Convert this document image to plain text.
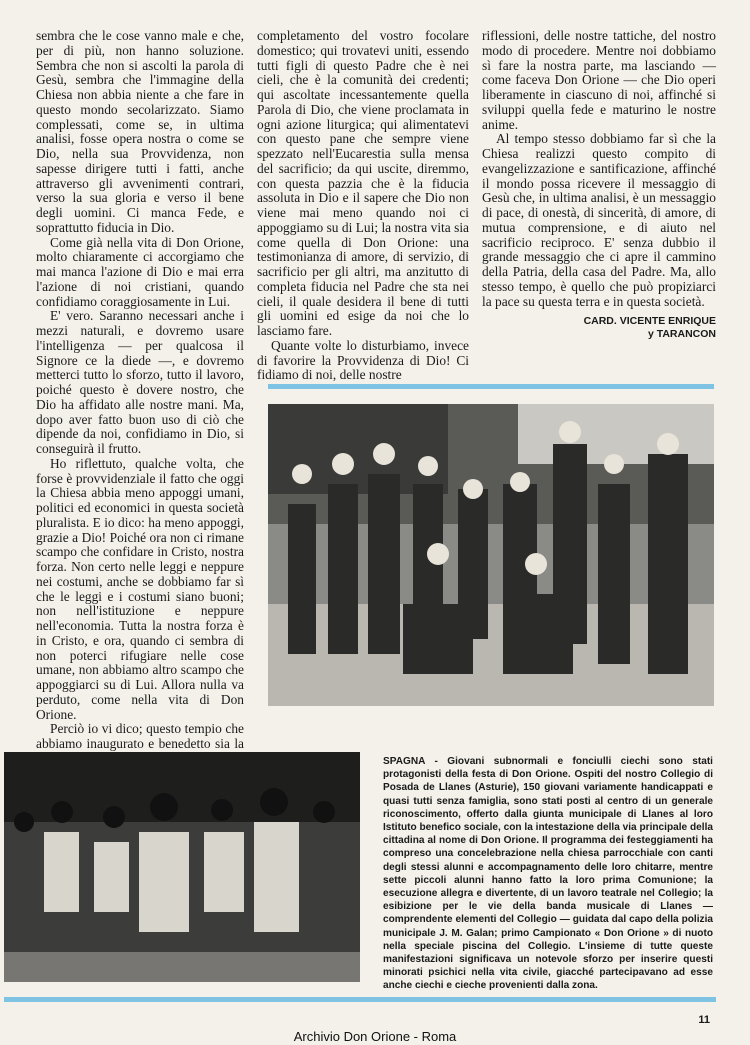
sembra che le cose vanno male e che, per di più, non hanno soluzione. Sembra che non si ascolti la parola di Gesù, sembra che l'immagine della Chiesa non abbia niente a che fare in questo mondo secolarizzato. Siamo complessati, come se, in ultima analisi, fosse opera nostra o come se Dio, nella sua Provvidenza, non sapesse dirigere tutti i fatti, anche attraverso gli avvenimenti contrari, verso la sua gloria e verso il bene degli uomini. Ci manca Fede, e soprattutto fiducia in Dio.

Come già nella vita di Don Orione, molto chiaramente ci accorgiamo che mai manca l'azione di Dio e mai erra l'azione di noi cristiani, quando confidiamo coraggiosamente in Lui.

E' vero. Saranno necessari anche i mezzi naturali, e dovremo usare l'intelligenza — per qualcosa il Signore ce la diede —, e dovremo metterci tutto lo sforzo, tutto il lavoro, poiché questo è dovere nostro, che Dio ha affidato alle nostre mani. Ma, dopo aver fatto buon uso di ciò che dipende da noi, confidiamo in Dio, si conseguirà il frutto.

Ho riflettuto, qualche volta, che forse è provvidenziale il fatto che oggi la Chiesa abbia meno appoggi umani, politici ed economici in questa società pluralista. E io dico: ha meno appoggi, grazie a Dio! Poiché ora non ci rimane scampo che confidare in Cristo, nostra forza. Non certo nelle leggi e neppure nei costumi, anche se dobbiamo far sì che le leggi e i costumi siano buoni; non nell'istituzione e neppure nell'economia. Tutta la nostra forza è in Cristo, e ora, quando ci sembra di non poterci rifugiare nelle cose umane, non abbiamo altro scampo che appoggiarci su di Lui. Allora nulla va perduto, come nella vita di Don Orione.

Perciò io vi dico; questo tempio che abbiamo inaugurato e benedetto sia la

completamento del vostro focolare domestico; qui trovatevi uniti, essendo tutti figli di questo Padre che è nei cieli, che è la comunità dei credenti; qui ascoltate incessantemente quella Parola di Dio, che viene proclamata in ogni azione liturgica; qui alimentatevi con questo pane che sempre viene spezzato nell'Eucarestia sulla mensa del sacrificio; da qui uscite, diremmo, con questa pazzia che è la fiducia assoluta in Dio e il sapere che Dio non viene mai meno quando noi ci appoggiamo su di Lui; la nostra vita sia come quella di Don Orione: una testimonianza di amore, di servizio, di sacrificio per gli altri, ma anzitutto di completa fiducia nel Padre che sta nei cieli, il quale desidera il bene di tutti gli uomini ed esige da noi che lo lasciamo fare.

Quante volte lo disturbiamo, invece di favorire la Provvidenza di Dio! Ci fidiamo di noi, delle nostre

riflessioni, delle nostre tattiche, del nostro modo di procedere. Mentre noi dobbiamo sì fare la nostra parte, ma lasciando — come faceva Don Orione — che Dio operi liberamente in ciascuno di noi, affinché si sviluppi quella fede e maturino le nostre anime.

Al tempo stesso dobbiamo far sì che la Chiesa realizzi questo compito di evangelizzazione e santificazione, affinché il mondo possa ricevere il messaggio di Gesù che, in ultima analisi, è un messaggio di pace, di onestà, di sincerità, di amore, di mutua comprensione, e di aiuto nel sacrificio reciproco. E' senza dubbio il grande messaggio che ci apre il cammino della Patria, della casa del Padre. Ma, allo stesso tempo, è quello che può propiziarci la pace su questa terra e in questa società.

CARD. VICENTE ENRIQUE
y TARANCON
SPAGNA - Giovani subnormali e fonciulli ciechi sono stati protagonisti della festa di Don Orione. Ospiti del nostro Collegio di Posada de Llanes (Asturie), 150 giovani variamente handicappati e quasi tutti senza famiglia, sono stati posti al centro di un generale riconoscimento, offerto dalla giunta municipale di Llanes al loro Istituto benefico sociale, con la intestazione della via principale della cittadina al nome di Don Orione. Il programma dei festeggiamenti ha compreso una concelebrazione nella chiesa parrocchiale con canti degli stessi alunni e accompagnamento delle loro chitarre, mentre sette piccoli alunni hanno fatto la loro prima Comunione; la esecuzione allegra e divertente, di un lavoro teatrale nel Collegio; la esibizione per le vie della banda musicale di Llanes — comprendente elementi del Collegio — guidata dal capo della polizia municipale J. M. Galan; primo Campionato « Don Orione » di nuoto nella speciale piscina del Collegio. L'insieme di tutte queste manifestazioni significava un notevole sforzo per inserire questi minorati psichici nella vita civile, giacché partecipavano ad esse anche ciechi e cieche provenienti dalla zona.
11
Archivio Don Orione - Roma
